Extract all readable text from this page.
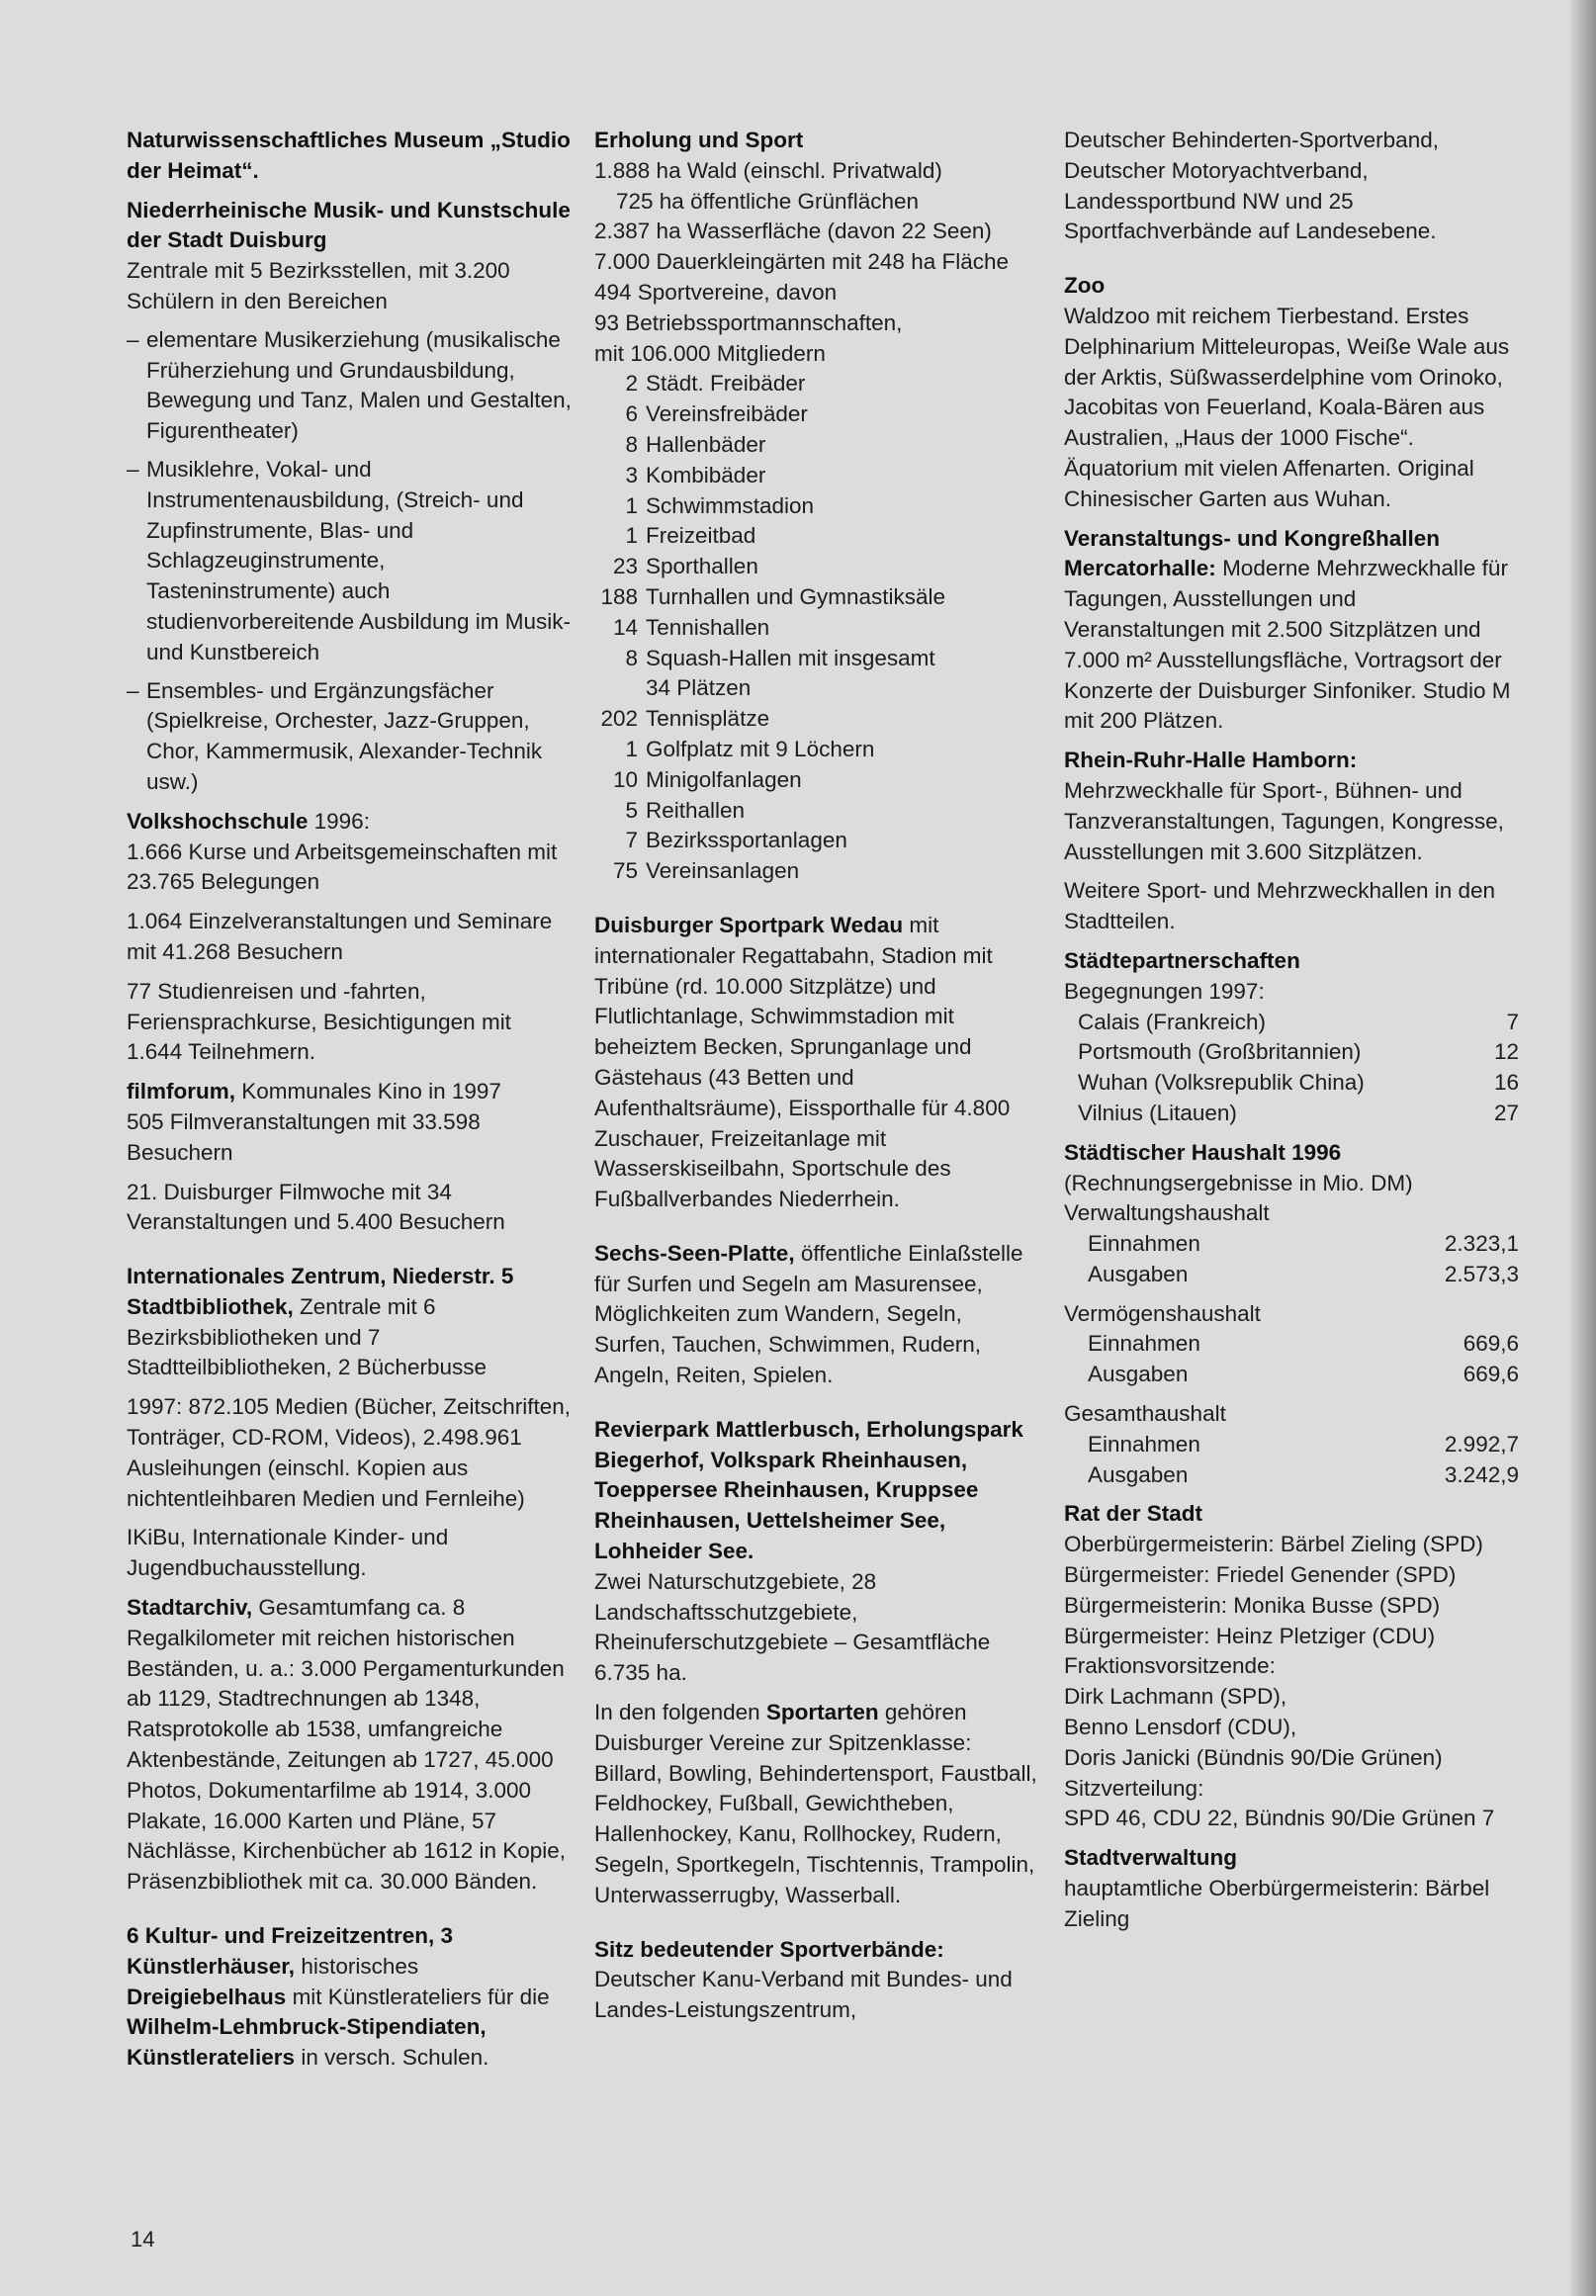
Naturwissenschaftliches Museum „Studio der Heimat“.

Niederrheinische Musik- und Kunstschule der Stadt Duisburg

Zentrale mit 5 Bezirksstellen, mit 3.200 Schülern in den Bereichen

– elementare Musikerziehung (musikalische Früherziehung und Grundausbildung, Bewegung und Tanz, Malen und Gestalten, Figurentheater)
– Musiklehre, Vokal- und Instrumentenausbildung, (Streich- und Zupfinstrumente, Blas- und Schlagzeuginstrumente, Tasteninstrumente) auch studienvorbereitende Ausbildung im Musik- und Kunstbereich
– Ensembles- und Ergänzungsfächer (Spielkreise, Orchester, Jazz-Gruppen, Chor, Kammermusik, Alexander-Technik usw.)

Volkshochschule 1996:

1.666 Kurse und Arbeitsgemeinschaften mit 23.765 Belegungen

1.064 Einzelveranstaltungen und Seminare mit 41.268 Besuchern

77 Studienreisen und -fahrten, Feriensprachkurse, Besichtigungen mit 1.644 Teilnehmern.

filmforum, Kommunales Kino in 1997

505 Filmveranstaltungen mit 33.598 Besuchern

21. Duisburger Filmwoche mit 34 Veranstaltungen und 5.400 Besuchern

Internationales Zentrum, Niederstr. 5

Stadtbibliothek, Zentrale mit 6 Bezirksbibliotheken und 7 Stadtteilbibliotheken, 2 Bücherbusse

1997: 872.105 Medien (Bücher, Zeitschriften, Tonträger, CD-ROM, Videos), 2.498.961 Ausleihungen (einschl. Kopien aus nichtentleihbaren Medien und Fernleihe)

IKiBu, Internationale Kinder- und Jugendbuchausstellung.

Stadtarchiv, Gesamtumfang ca. 8 Regalkilometer mit reichen historischen Beständen, u. a.: 3.000 Pergamenturkunden ab 1129, Stadtrechnungen ab 1348, Ratsprotokolle ab 1538, umfangreiche Aktenbestände, Zeitungen ab 1727, 45.000 Photos, Dokumentarfilme ab 1914, 3.000 Plakate, 16.000 Karten und Pläne, 57 Nächlässe, Kirchenbücher ab 1612 in Kopie, Präsenzbibliothek mit ca. 30.000 Bänden.

6 Kultur- und Freizeitzentren, 3 Künstlerhäuser, historisches Dreigiebelhaus mit Künstlerateliers für die Wilhelm-Lehmbruck-Stipendiaten, Künstlerateliers in versch. Schulen.

Erholung und Sport

1.888 ha Wald (einschl. Privatwald)

725 ha öffentliche Grünflächen

2.387 ha Wasserfläche (davon 22 Seen)

7.000 Dauerkleingärten mit 248 ha Fläche

494 Sportvereine, davon

93 Betriebssportmannschaften,

mit 106.000 Mitgliedern

2 Städt. Freibäder
6 Vereinsfreibäder
8 Hallenbäder
3 Kombibäder
1 Schwimmstadion
1 Freizeitbad
23 Sporthallen
188 Turnhallen und Gymnastiksäle
14 Tennishallen
8 Squash-Hallen mit insgesamt
34 Plätzen
202 Tennisplätze
1 Golfplatz mit 9 Löchern
10 Minigolfanlagen
5 Reithallen
7 Bezirkssportanlagen
75 Vereinsanlagen

Duisburger Sportpark Wedau mit internationaler Regattabahn, Stadion mit Tribüne (rd. 10.000 Sitzplätze) und Flutlichtanlage, Schwimmstadion mit beheiztem Becken, Sprunganlage und Gästehaus (43 Betten und Aufenthaltsräume), Eissporthalle für 4.800 Zuschauer, Freizeitanlage mit Wasserskiseilbahn, Sportschule des Fußballverbandes Niederrhein.

Sechs-Seen-Platte, öffentliche Einlaßstelle für Surfen und Segeln am Masurensee, Möglichkeiten zum Wandern, Segeln, Surfen, Tauchen, Schwimmen, Rudern, Angeln, Reiten, Spielen.

Revierpark Mattlerbusch, Erholungspark Biegerhof, Volkspark Rheinhausen, Toeppersee Rheinhausen, Kruppsee Rheinhausen, Uettelsheimer See, Lohheider See.

Zwei Naturschutzgebiete, 28 Landschaftsschutzgebiete, Rheinuferschutzgebiete – Gesamtfläche 6.735 ha.

In den folgenden Sportarten gehören Duisburger Vereine zur Spitzenklasse: Billard, Bowling, Behindertensport, Faustball, Feldhockey, Fußball, Gewichtheben, Hallenhockey, Kanu, Rollhockey, Rudern, Segeln, Sportkegeln, Tischtennis, Trampolin, Unterwasserrugby, Wasserball.

Sitz bedeutender Sportverbände:

Deutscher Kanu-Verband mit Bundes- und Landes-Leistungszentrum,

Deutscher Behinderten-Sportverband, Deutscher Motoryachtverband, Landessportbund NW und 25 Sportfachverbände auf Landesebene.

Zoo

Waldzoo mit reichem Tierbestand. Erstes Delphinarium Mitteleuropas, Weiße Wale aus der Arktis, Süßwasserdelphine vom Orinoko, Jacobitas von Feuerland, Koala-Bären aus Australien, „Haus der 1000 Fische“. Äquatorium mit vielen Affenarten. Original Chinesischer Garten aus Wuhan.

Veranstaltungs- und Kongreßhallen

Mercatorhalle: Moderne Mehrzweckhalle für Tagungen, Ausstellungen und Veranstaltungen mit 2.500 Sitzplätzen und 7.000 m² Ausstellungsfläche, Vortragsort der Konzerte der Duisburger Sinfoniker. Studio M mit 200 Plätzen.

Rhein-Ruhr-Halle Hamborn:

Mehrzweckhalle für Sport-, Bühnen- und Tanzveranstaltungen, Tagungen, Kongresse, Ausstellungen mit 3.600 Sitzplätzen.

Weitere Sport- und Mehrzweckhallen in den Stadtteilen.

Städtepartnerschaften

Begegnungen 1997:

Calais (Frankreich)	7
Portsmouth (Großbritannien)	12
Wuhan (Volksrepublik China)	16
Vilnius (Litauen)	27

Städtischer Haushalt 1996

(Rechnungsergebnisse in Mio. DM)

Verwaltungshaushalt
Einnahmen	2.323,1
Ausgaben	2.573,3
Vermögenshaushalt
Einnahmen	669,6
Ausgaben	669,6
Gesamthaushalt
Einnahmen	2.992,7
Ausgaben	3.242,9

Rat der Stadt

Oberbürgermeisterin: Bärbel Zieling (SPD)
Bürgermeister: Friedel Genender (SPD)
Bürgermeisterin: Monika Busse (SPD)
Bürgermeister: Heinz Pletziger (CDU)
Fraktionsvorsitzende:
Dirk Lachmann (SPD),
Benno Lensdorf (CDU),
Doris Janicki (Bündnis 90/Die Grünen)
Sitzverteilung:
SPD 46, CDU 22, Bündnis 90/Die Grünen 7

Stadtverwaltung

hauptamtliche Oberbürgermeisterin: Bärbel Zieling

14
